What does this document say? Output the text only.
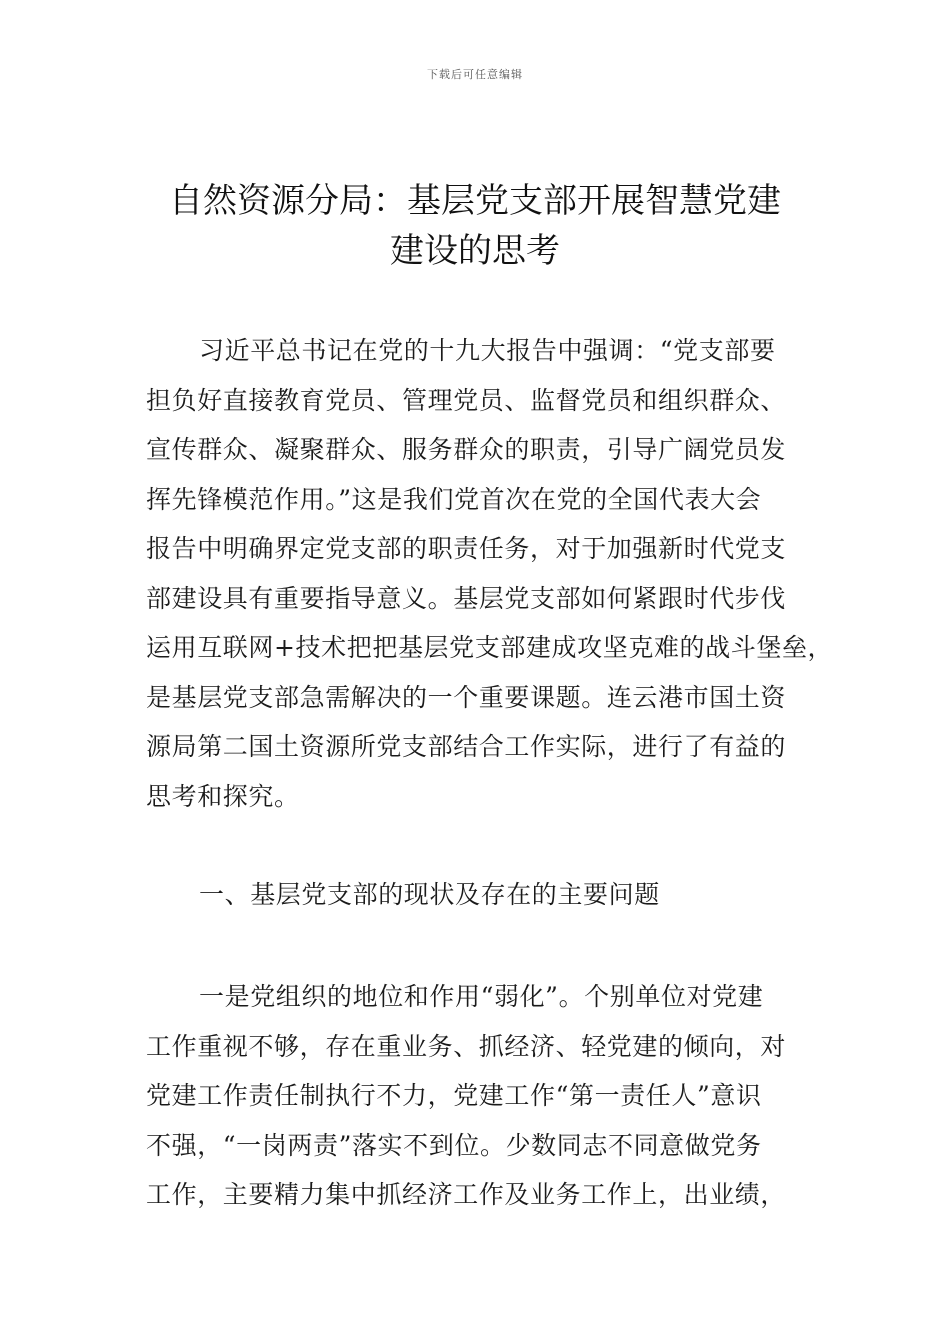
下载后可任意编辑
自然资源分局：基层党支部开展智慧党建
建设的思考
习近平总书记在党的十九大报告中强调：“党支部要
担负好直接教育党员、管理党员、监督党员和组织群众、
宣传群众、凝聚群众、服务群众的职责，引导广阔党员发
挥先锋模范作用。”这是我们党首次在党的全国代表大会
报告中明确界定党支部的职责任务，对于加强新时代党支
部建设具有重要指导意义。基层党支部如何紧跟时代步伐
运用互联网+技术把把基层党支部建成攻坚克难的战斗堡垒，
是基层党支部急需解决的一个重要课题。连云港市国土资
源局第二国土资源所党支部结合工作实际，进行了有益的
思考和探究。
一、基层党支部的现状及存在的主要问题
一是党组织的地位和作用“弱化”。个别单位对党建
工作重视不够，存在重业务、抓经济、轻党建的倾向，对
党建工作责任制执行不力，党建工作“第一责任人”意识
不强，“一岗两责”落实不到位。少数同志不同意做党务
工作，主要精力集中抓经济工作及业务工作上，出业绩，
